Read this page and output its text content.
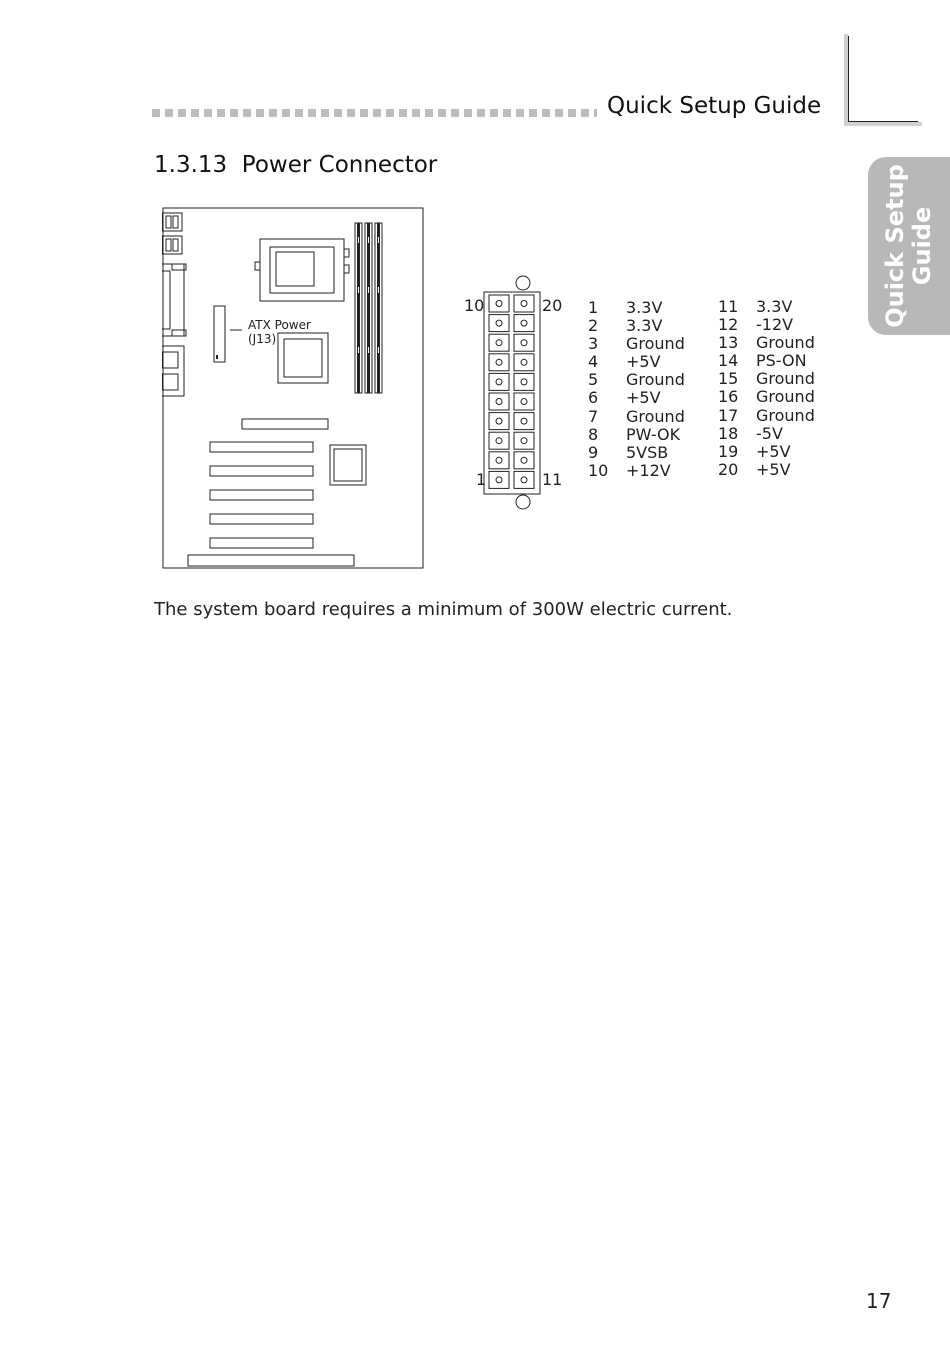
Quick Setup Guide
Quick Setup Guide
1.3.13 Power Connector
ATX Power
(J13)
10	20
1	11
1 3.3V
2 3.3V
3 Ground
4 +5V
5 Ground
6 +5V
7 Ground
8 PW-OK
9 5VSB
10 +12V
11 3.3V
12 -12V
13 Ground
14 PS-ON
15 Ground
16 Ground
17 Ground
18 -5V
19 +5V
20 +5V
The system board requires a minimum of 300W electric current.
17
